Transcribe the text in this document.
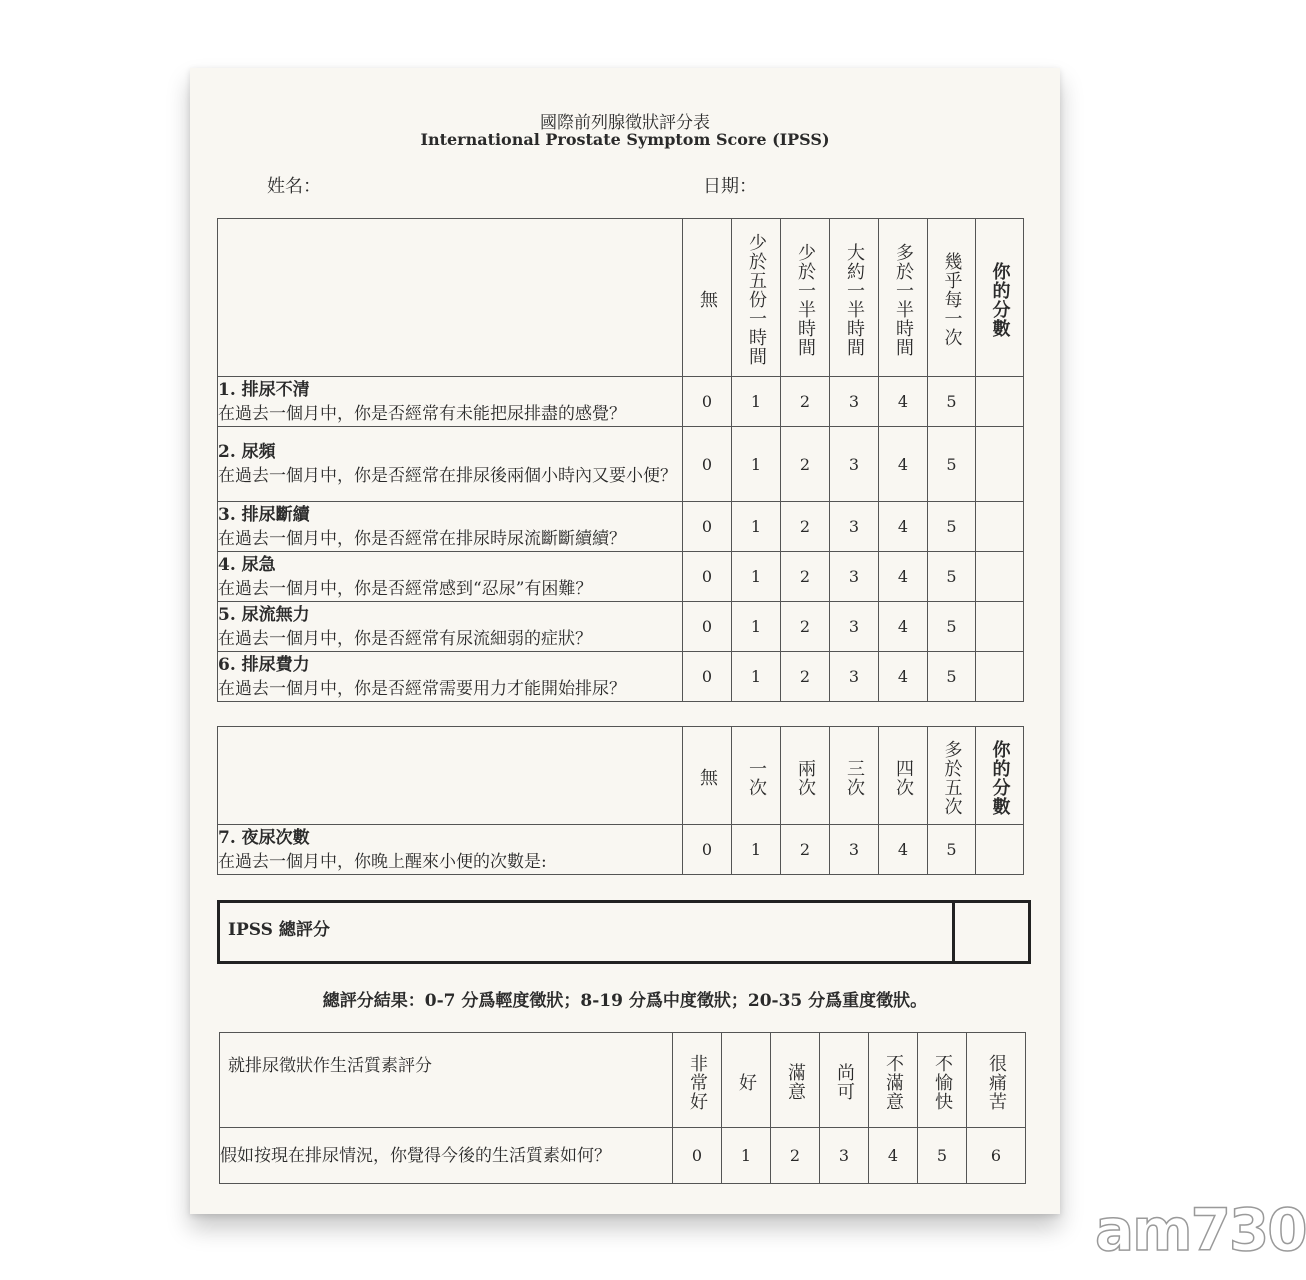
國際前列腺徵狀評分表
International Prostate Symptom Score (IPSS)
姓名：	日期：
	無	少於五份一時間	少於一半時間	大約一半時間	多於一半時間	幾乎每一次	你的分數

1. 排尿不清
在過去一個月中，你是否經常有未能把尿排盡的感覺？	0	1	2	3	4	5	

2. 尿頻
在過去一個月中，你是否經常在排尿後兩個小時內又要小便？	0	1	2	3	4	5	

3. 排尿斷續
在過去一個月中，你是否經常在排尿時尿流斷斷續續？	0	1	2	3	4	5	

4. 尿急
在過去一個月中，你是否經常感到“忍尿”有困難？	0	1	2	3	4	5	

5. 尿流無力
在過去一個月中，你是否經常有尿流細弱的症狀？	0	1	2	3	4	5	

6. 排尿費力
在過去一個月中，你是否經常需要用力才能開始排尿？	0	1	2	3	4	5	
	無	一次	兩次	三次	四次	多於五次	你的分數

7. 夜尿次數
在過去一個月中，你晚上醒來小便的次數是:	0	1	2	3	4	5	
IPSS 總評分
總評分結果：0-7 分爲輕度徵狀；8-19 分爲中度徵狀；20-35 分爲重度徵狀。
就排尿徵狀作生活質素評分	非常好	好	滿意	尚可	不滿意	不愉快	很痛苦
假如按現在排尿情況，你覺得今後的生活質素如何？	0	1	2	3	4	5	6
am730
